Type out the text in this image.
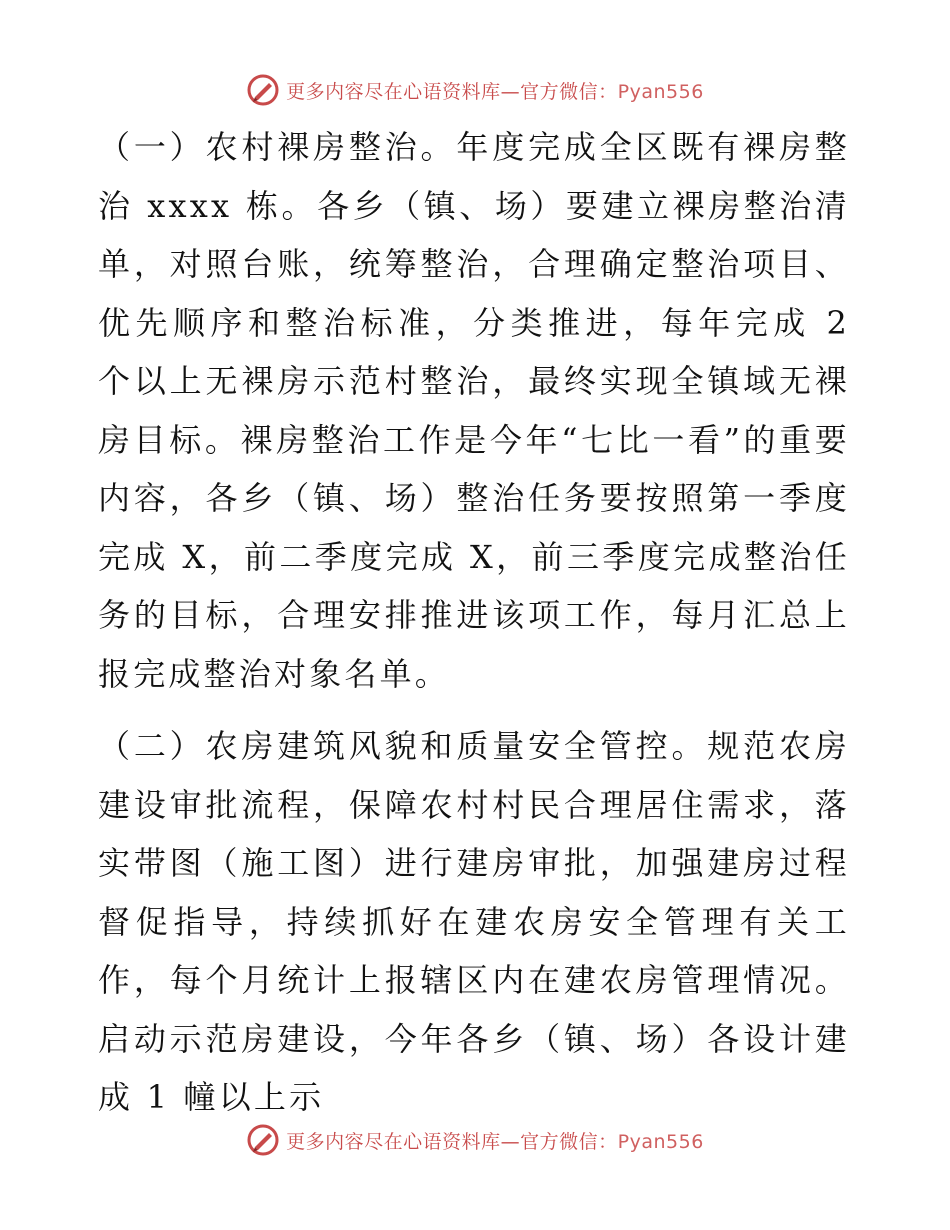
更多内容尽在心语资料库—官方微信：Pyan556

（一）农村裸房整治。年度完成全区既有裸房整治 xxxx 栋。各乡（镇、场）要建立裸房整治清单，对照台账，统筹整治，合理确定整治项目、优先顺序和整治标准，分类推进，每年完成 2 个以上无裸房示范村整治，最终实现全镇域无裸房目标。裸房整治工作是今年“七比一看”的重要内容，各乡（镇、场）整治任务要按照第一季度完成 X，前二季度完成 X，前三季度完成整治任务的目标，合理安排推进该项工作，每月汇总上报完成整治对象名单。

（二）农房建筑风貌和质量安全管控。规范农房建设审批流程，保障农村村民合理居住需求，落实带图（施工图）进行建房审批，加强建房过程督促指导，持续抓好在建农房安全管理有关工作，每个月统计上报辖区内在建农房管理情况。启动示范房建设，今年各乡（镇、场）各设计建成 1 幢以上示

更多内容尽在心语资料库—官方微信：Pyan556
